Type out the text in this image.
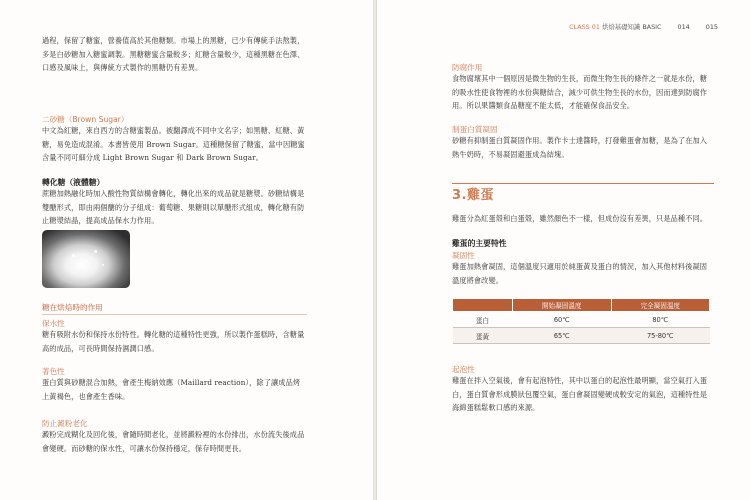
過程，保留了糖蜜，營養值高於其他糖類。市場上的黑糖，已少有傳統手法熬製，多是白砂糖加入糖蜜調製。黑糖糖蜜含量較多；紅糖含量較少，這種黑糖在色澤、口感及風味上，與傳統方式製作的黑糖仍有差異。

二砂糖（Brown Sugar）

中文為紅糖，來自西方的含糖蜜製品。被翻譯成不同中文名字；如黑糖、紅糖、黃糖，易免造成混淆。本書皆使用 Brown Sugar。這種糖保留了糖蜜，當中因糖蜜含量不同可細分成 Light Brown Sugar 和 Dark Brown Sugar。

轉化糖（液體糖）

蔗糖加熱融化時加入酸性物質結構會轉化，轉化出來的成品就是糖漿。砂糖結構是雙醣形式，即由兩個醣的分子組成：葡萄糖、果糖則以單醣形式組成，轉化糖有防止糖漿結晶，提高成品保水力作用。

糖在烘焙時的作用

保水性

糖有吸附水份和保持水份特性。轉化糖的這種特性更強，所以製作蛋糕時，含糖量高的成品，可長時間保持濕潤口感。

著色性

蛋白質與砂糖混合加熱，會產生梅納效應（Maillard reaction），除了讓成品烤上黃褐色，也會產生香味。

防止澱粉老化

澱粉完成糊化及回化後，會隨時間老化，並將澱粉裡的水份排出，水份流失後成品會變硬。而砂糖的保水性，可讓水份保持穩定，保存時間更長。

CLASS 01 烘焙基礎知識 BASIC	014	015

防腐作用

食物腐壞其中一個原因是微生物的生長，而微生物生長的條件之一就是水份，糖的吸水性使食物裡的水份與糖結合，減少可供生物生長的水份，因而達到防腐作用。所以果醬類食品糖度不能太低，才能確保食品安全。

制蛋白質凝固

砂糖有抑制蛋白質凝固作用。製作卡士達醬時，打發雞蛋會加糖，是為了在加入熱牛奶時，不易凝固避蛋成為結塊。

3.雞蛋

雞蛋分為紅蛋殼和白蛋殼，雖然顏色不一樣，但成份沒有差異，只是品種不同。

雞蛋的主要特性

凝固性

雞蛋加熱會凝固，這個溫度只適用於純蛋黃及蛋白的情況，加入其他材料後凝固溫度將會改變。

	開始凝固溫度	完全凝固溫度
蛋白	60℃	80℃
蛋黃	65℃	75-80℃

起泡性

雞蛋在拌入空氣後，會有起泡特性，其中以蛋白的起泡性最明顯，當空氣打入蛋白，蛋白質會形成膜狀包覆空氣，蛋白會凝固變硬成較安定的氣泡，這種特性是海綿蛋糕鬆軟口感的來源。
